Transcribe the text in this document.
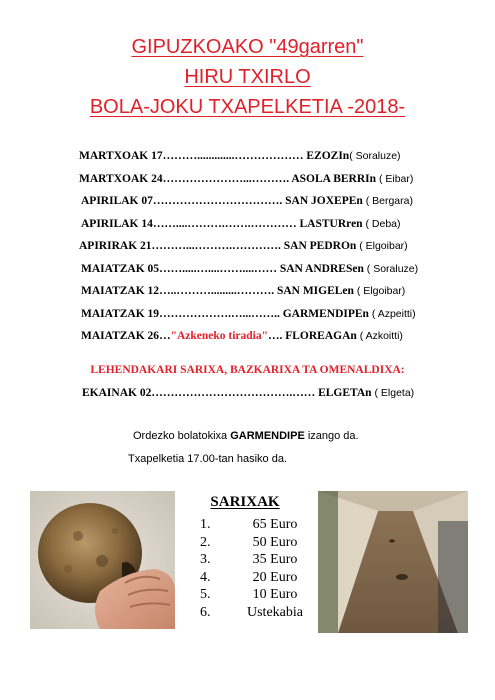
GIPUZKOAKO "49garren"
HIRU TXIRLO
BOLA-JOKU TXAPELKETIA -2018-
MARTXOAK 17……….............……………… EZOZIn( Soraluze)
MARTXOAK 24…………………...………. ASOLA BERRIn ( Eibar)
APIRILAK 07……………………………. SAN JOXEPEn ( Bergara)
APIRILAK 14……....……….…….………… LASTURren ( Deba)
APIRIRAK 21………...……….…………. SAN PEDROn ( Elgoibar)
MAIATZAK 05…….....…....……....…… SAN ANDRESen ( Soraluze)
MAIATZAK 12…..……….........………. SAN MIGELen ( Elgoibar)
MAIATZAK 19……………….…...…….. GARMENDIPEn ( Azpeitti)
MAIATZAK 26…"Azkeneko tiradia"…. FLOREAGAn ( Azkoitti)
LEHENDAKARI SARIXA, BAZKARIXA TA OMENALDIXA:
EKAINAK 02……………………………….…… ELGETAn ( Elgeta)
Ordezko bolatokixa GARMENDIPE izango da.
Txapelketia 17.00-tan hasiko da.
SARIXAK
1.	65 Euro
2.	50 Euro
3.	35 Euro
4.	20 Euro
5.	10 Euro
6.	Ustekabia
